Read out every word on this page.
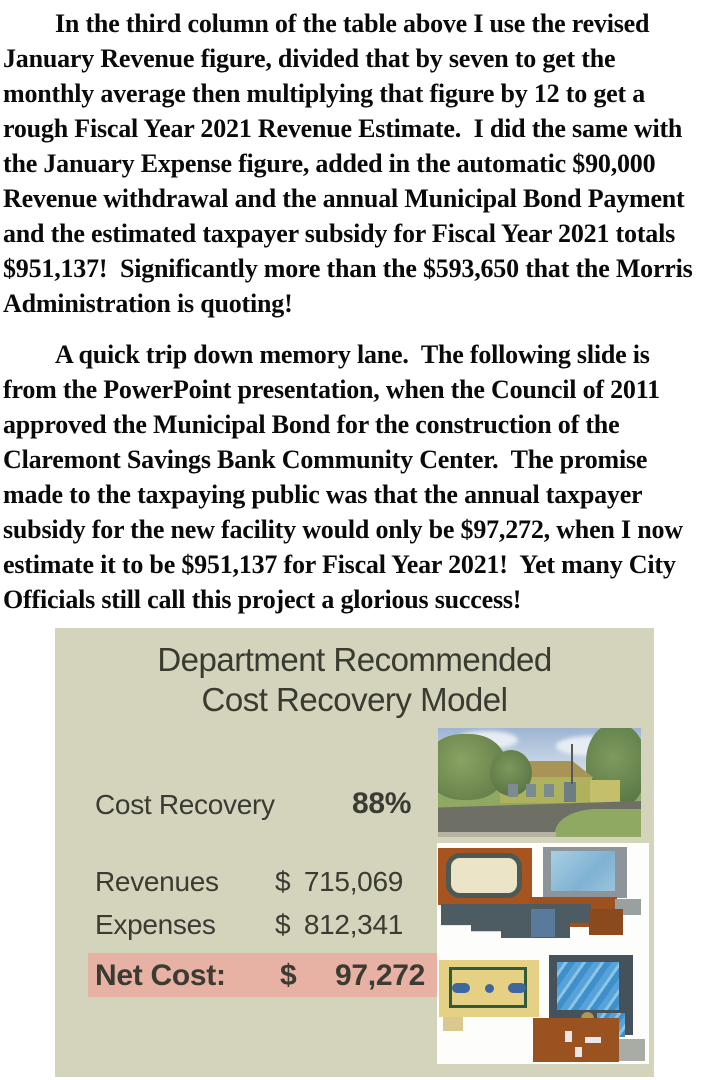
In the third column of the table above I use the revised January Revenue figure, divided that by seven to get the monthly average then multiplying that figure by 12 to get a rough Fiscal Year 2021 Revenue Estimate.  I did the same with the January Expense figure, added in the automatic $90,000 Revenue withdrawal and the annual Municipal Bond Payment and the estimated taxpayer subsidy for Fiscal Year 2021 totals $951,137!  Significantly more than the $593,650 that the Morris Administration is quoting!

A quick trip down memory lane.  The following slide is from the PowerPoint presentation, when the Council of 2011 approved the Municipal Bond for the construction of the Claremont Savings Bank Community Center.  The promise made to the taxpaying public was that the annual taxpayer subsidy for the new facility would only be $97,272, when I now estimate it to be $951,137 for Fiscal Year 2021!  Yet many City Officials still call this project a glorious success!

Department Recommended
Cost Recovery Model
Cost Recovery	88%
Revenues $ 715,069
Expenses $ 812,341
Net Cost: $	97,272
